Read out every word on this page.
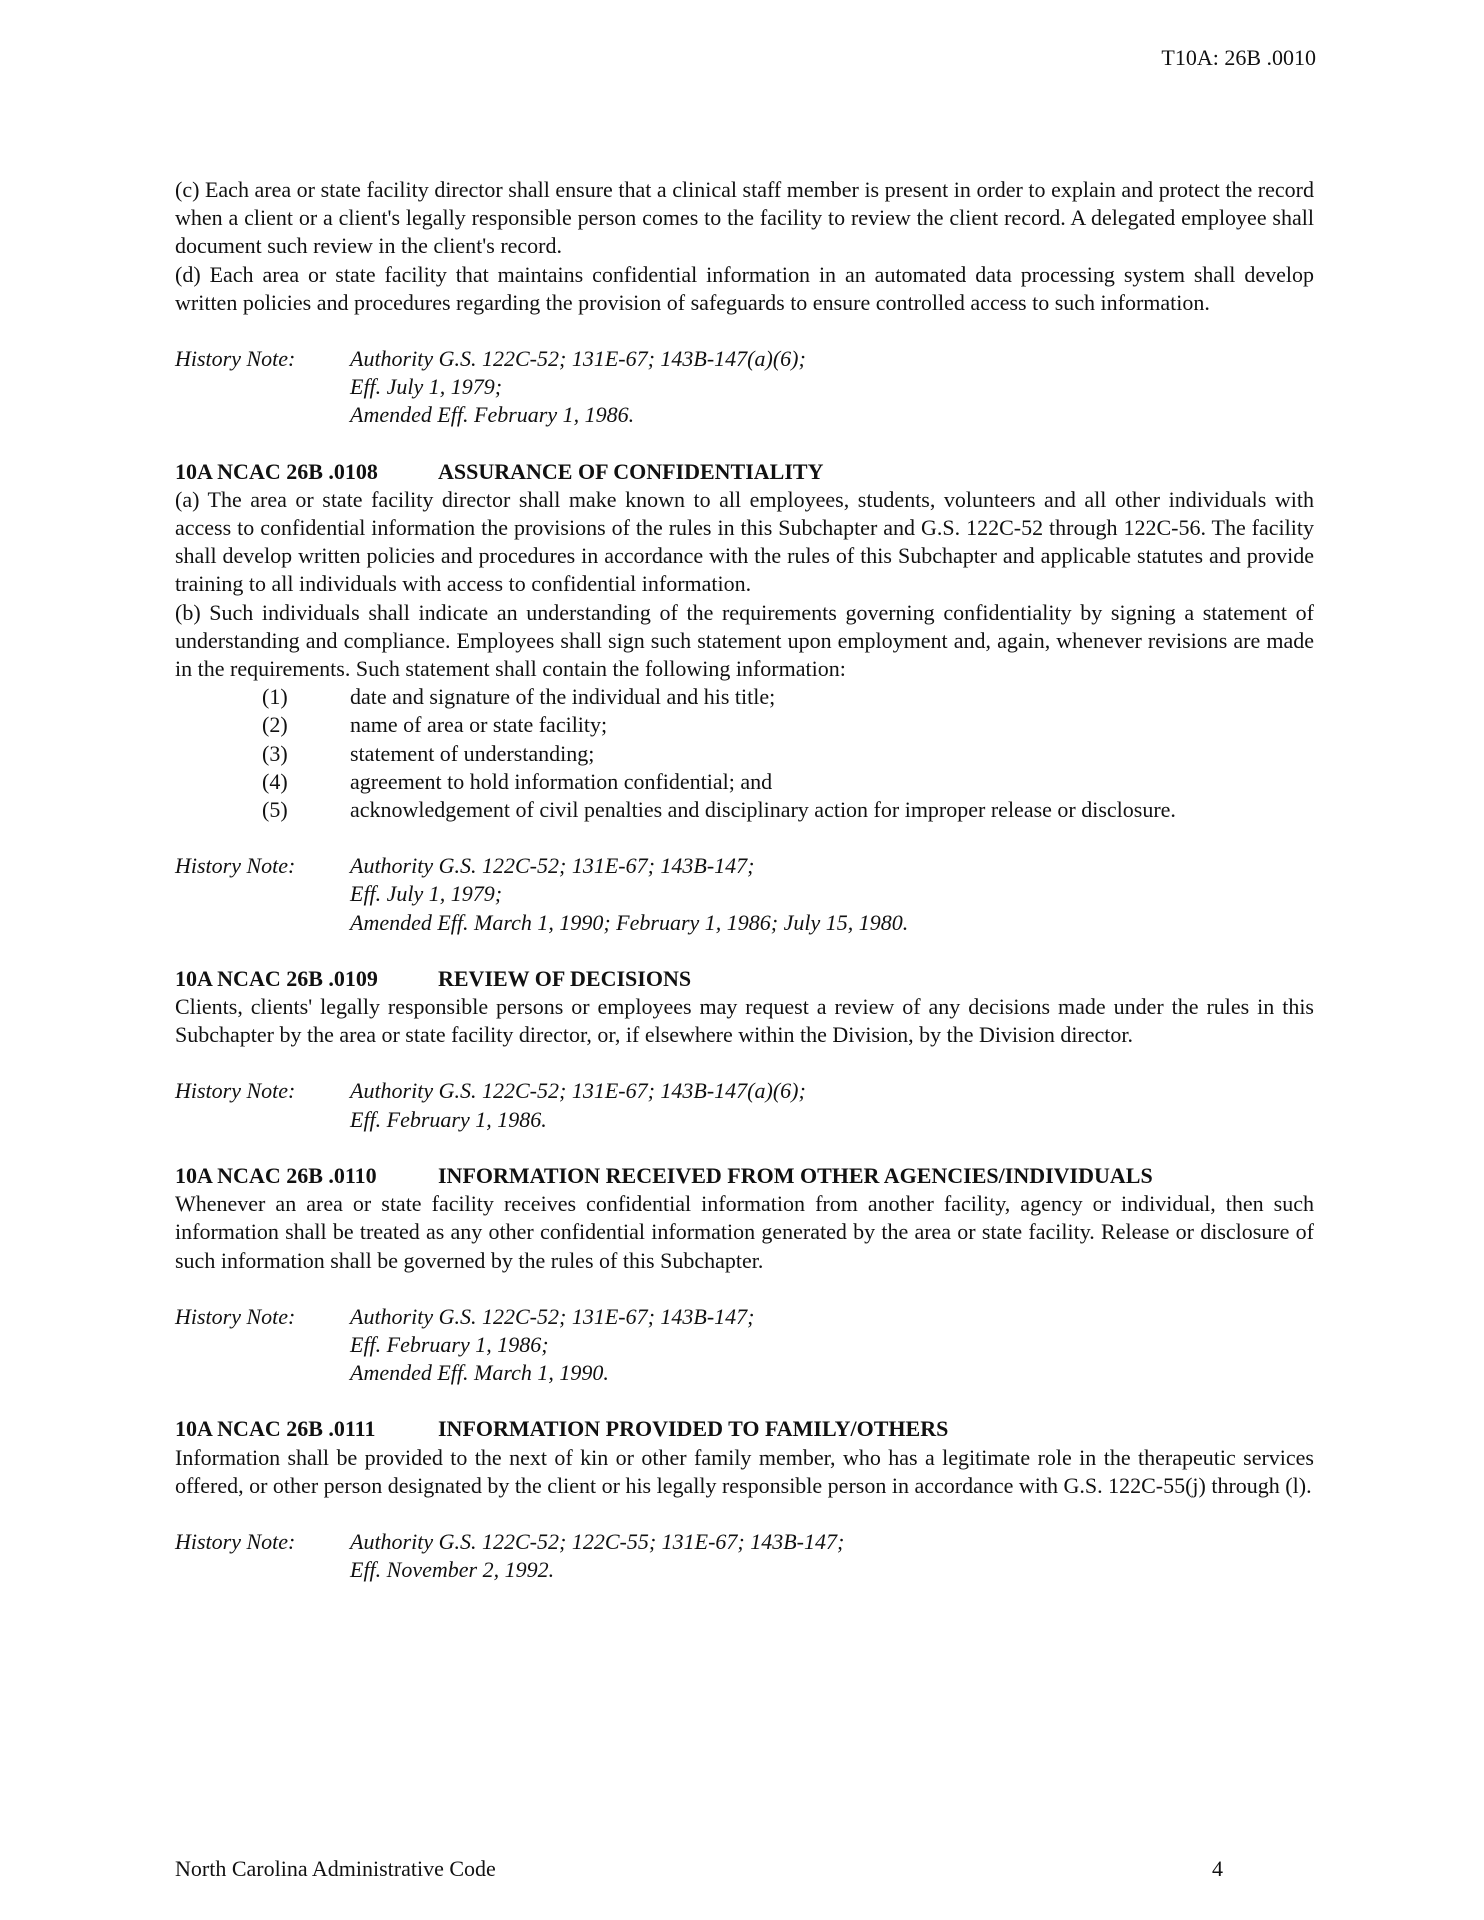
T10A: 26B .0010

(c) Each area or state facility director shall ensure that a clinical staff member is present in order to explain and protect the record when a client or a client's legally responsible person comes to the facility to review the client record. A delegated employee shall document such review in the client's record.

(d) Each area or state facility that maintains confidential information in an automated data processing system shall develop written policies and procedures regarding the provision of safeguards to ensure controlled access to such information.

History Note:	Authority G.S. 122C-52; 131E-67; 143B-147(a)(6);
Eff. July 1, 1979;
Amended Eff. February 1, 1986.
10A NCAC 26B .0108	ASSURANCE OF CONFIDENTIALITY

(a) The area or state facility director shall make known to all employees, students, volunteers and all other individuals with access to confidential information the provisions of the rules in this Subchapter and G.S. 122C-52 through 122C-56. The facility shall develop written policies and procedures in accordance with the rules of this Subchapter and applicable statutes and provide training to all individuals with access to confidential information.

(b) Such individuals shall indicate an understanding of the requirements governing confidentiality by signing a statement of understanding and compliance. Employees shall sign such statement upon employment and, again, whenever revisions are made in the requirements. Such statement shall contain the following information:

(1)	date and signature of the individual and his title;
(2)	name of area or state facility;
(3)	statement of understanding;
(4)	agreement to hold information confidential; and
(5)	acknowledgement of civil penalties and disciplinary action for improper release or disclosure.
History Note:	Authority G.S. 122C-52; 131E-67; 143B-147;
Eff. July 1, 1979;
Amended Eff. March 1, 1990; February 1, 1986; July 15, 1980.
10A NCAC 26B .0109	REVIEW OF DECISIONS

Clients, clients' legally responsible persons or employees may request a review of any decisions made under the rules in this Subchapter by the area or state facility director, or, if elsewhere within the Division, by the Division director.

History Note:	Authority G.S. 122C-52; 131E-67; 143B-147(a)(6);
Eff. February 1, 1986.
10A NCAC 26B .0110	INFORMATION RECEIVED FROM OTHER AGENCIES/INDIVIDUALS

Whenever an area or state facility receives confidential information from another facility, agency or individual, then such information shall be treated as any other confidential information generated by the area or state facility. Release or disclosure of such information shall be governed by the rules of this Subchapter.

History Note:	Authority G.S. 122C-52; 131E-67; 143B-147;
Eff. February 1, 1986;
Amended Eff. March 1, 1990.
10A NCAC 26B .0111	INFORMATION PROVIDED TO FAMILY/OTHERS

Information shall be provided to the next of kin or other family member, who has a legitimate role in the therapeutic services offered, or other person designated by the client or his legally responsible person in accordance with G.S. 122C-55(j) through (l).

History Note:	Authority G.S. 122C-52; 122C-55; 131E-67; 143B-147;
Eff. November 2, 1992.
North Carolina Administrative Code	4
